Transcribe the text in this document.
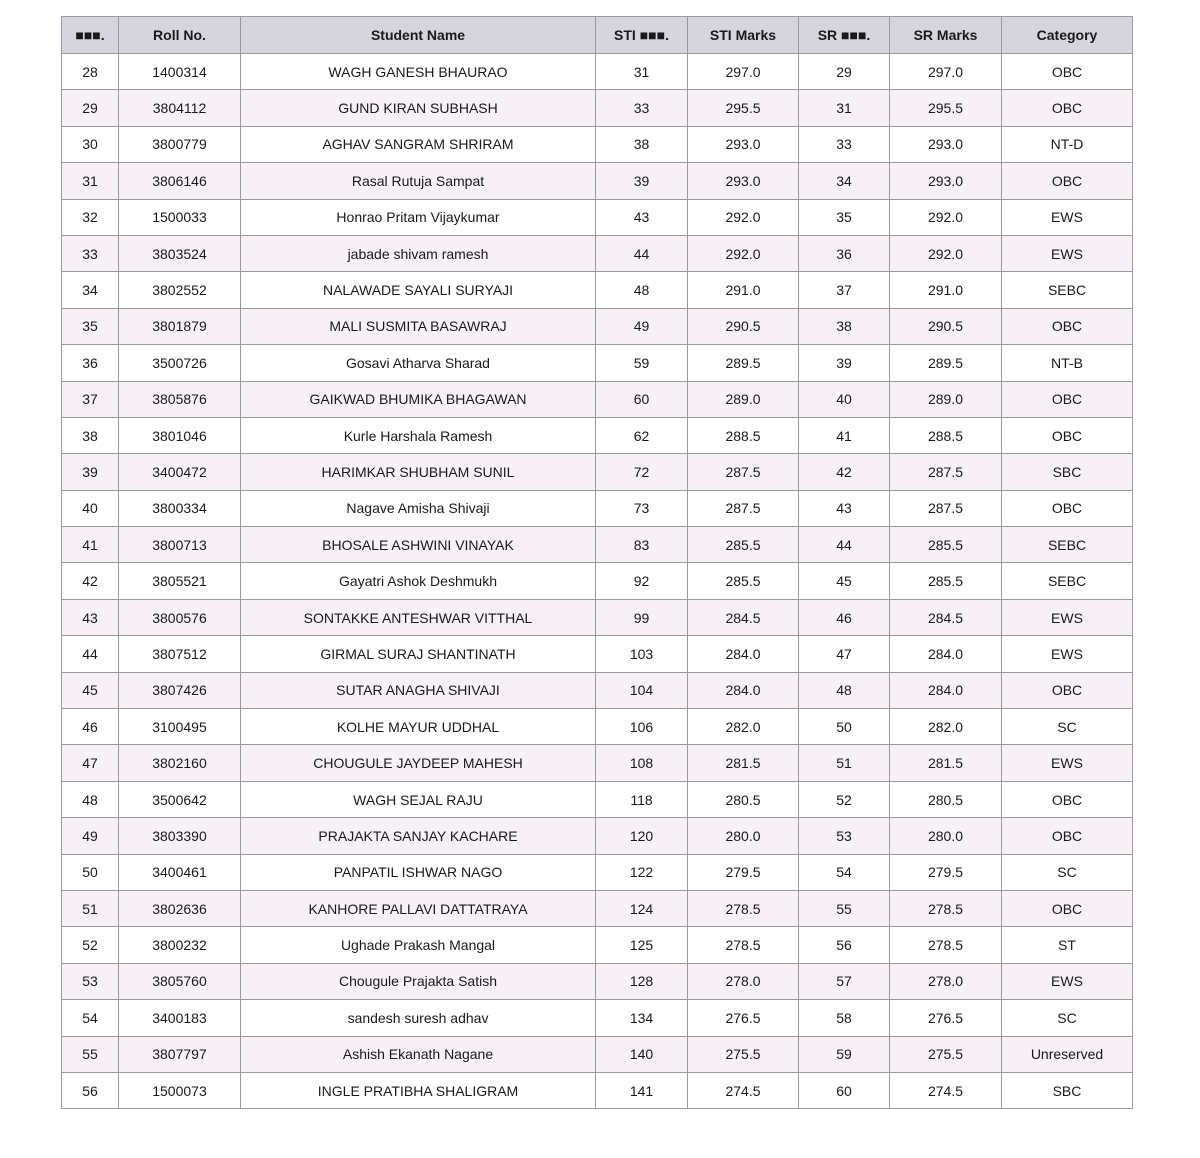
■■■.	Roll No.	Student Name	STI ■■■.	STI Marks	SR ■■■.	SR Marks	Category
28	1400314	WAGH GANESH BHAURAO	31	297.0	29	297.0	OBC
29	3804112	GUND KIRAN SUBHASH	33	295.5	31	295.5	OBC
30	3800779	AGHAV SANGRAM SHRIRAM	38	293.0	33	293.0	NT-D
31	3806146	Rasal Rutuja Sampat	39	293.0	34	293.0	OBC
32	1500033	Honrao Pritam Vijaykumar	43	292.0	35	292.0	EWS
33	3803524	jabade shivam ramesh	44	292.0	36	292.0	EWS
34	3802552	NALAWADE SAYALI SURYAJI	48	291.0	37	291.0	SEBC
35	3801879	MALI SUSMITA BASAWRAJ	49	290.5	38	290.5	OBC
36	3500726	Gosavi Atharva Sharad	59	289.5	39	289.5	NT-B
37	3805876	GAIKWAD BHUMIKA BHAGAWAN	60	289.0	40	289.0	OBC
38	3801046	Kurle Harshala Ramesh	62	288.5	41	288.5	OBC
39	3400472	HARIMKAR SHUBHAM SUNIL	72	287.5	42	287.5	SBC
40	3800334	Nagave Amisha Shivaji	73	287.5	43	287.5	OBC
41	3800713	BHOSALE ASHWINI VINAYAK	83	285.5	44	285.5	SEBC
42	3805521	Gayatri Ashok Deshmukh	92	285.5	45	285.5	SEBC
43	3800576	SONTAKKE ANTESHWAR VITTHAL	99	284.5	46	284.5	EWS
44	3807512	GIRMAL SURAJ SHANTINATH	103	284.0	47	284.0	EWS
45	3807426	SUTAR ANAGHA SHIVAJI	104	284.0	48	284.0	OBC
46	3100495	KOLHE MAYUR UDDHAL	106	282.0	50	282.0	SC
47	3802160	CHOUGULE JAYDEEP MAHESH	108	281.5	51	281.5	EWS
48	3500642	WAGH SEJAL RAJU	118	280.5	52	280.5	OBC
49	3803390	PRAJAKTA SANJAY KACHARE	120	280.0	53	280.0	OBC
50	3400461	PANPATIL ISHWAR NAGO	122	279.5	54	279.5	SC
51	3802636	KANHORE PALLAVI DATTATRAYA	124	278.5	55	278.5	OBC
52	3800232	Ughade Prakash Mangal	125	278.5	56	278.5	ST
53	3805760	Chougule Prajakta Satish	128	278.0	57	278.0	EWS
54	3400183	sandesh suresh adhav	134	276.5	58	276.5	SC
55	3807797	Ashish Ekanath Nagane	140	275.5	59	275.5	Unreserved
56	1500073	INGLE PRATIBHA SHALIGRAM	141	274.5	60	274.5	SBC
